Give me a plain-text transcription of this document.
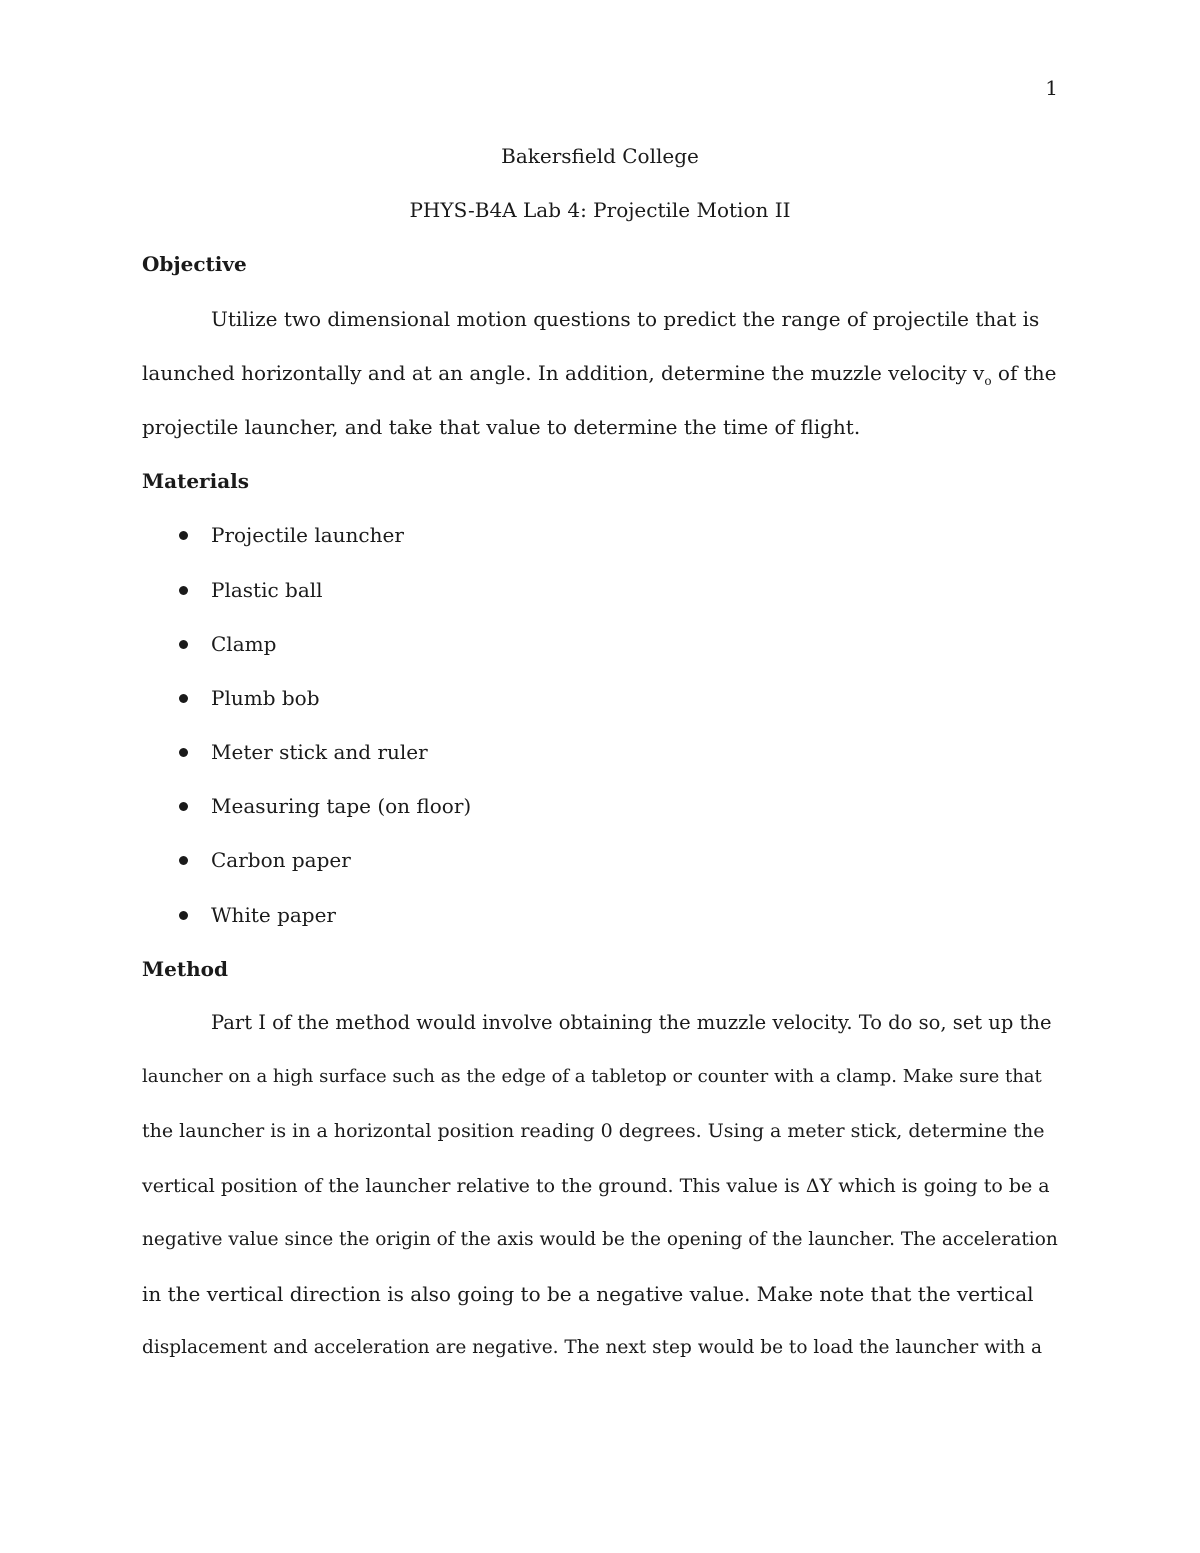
1
Bakersfield College
PHYS-B4A Lab 4: Projectile Motion II
Objective
Utilize two dimensional motion questions to predict the range of projectile that is
launched horizontally and at an angle. In addition, determine the muzzle velocity $v_o$ of the
projectile launcher, and take that value to determine the time of flight.
Materials
Projectile launcher
Plastic ball
Clamp
Plumb bob
Meter stick and ruler
Measuring tape (on floor)
Carbon paper
White paper
Method
Part I of the method would involve obtaining the muzzle velocity. To do so, set up the
launcher on a high surface such as the edge of a tabletop or counter with a clamp. Make sure that
the launcher is in a horizontal position reading 0 degrees. Using a meter stick, determine the
vertical position of the launcher relative to the ground. This value is ΔY which is going to be a
negative value since the origin of the axis would be the opening of the launcher. The acceleration
in the vertical direction is also going to be a negative value. Make note that the vertical
displacement and acceleration are negative. The next step would be to load the launcher with a
